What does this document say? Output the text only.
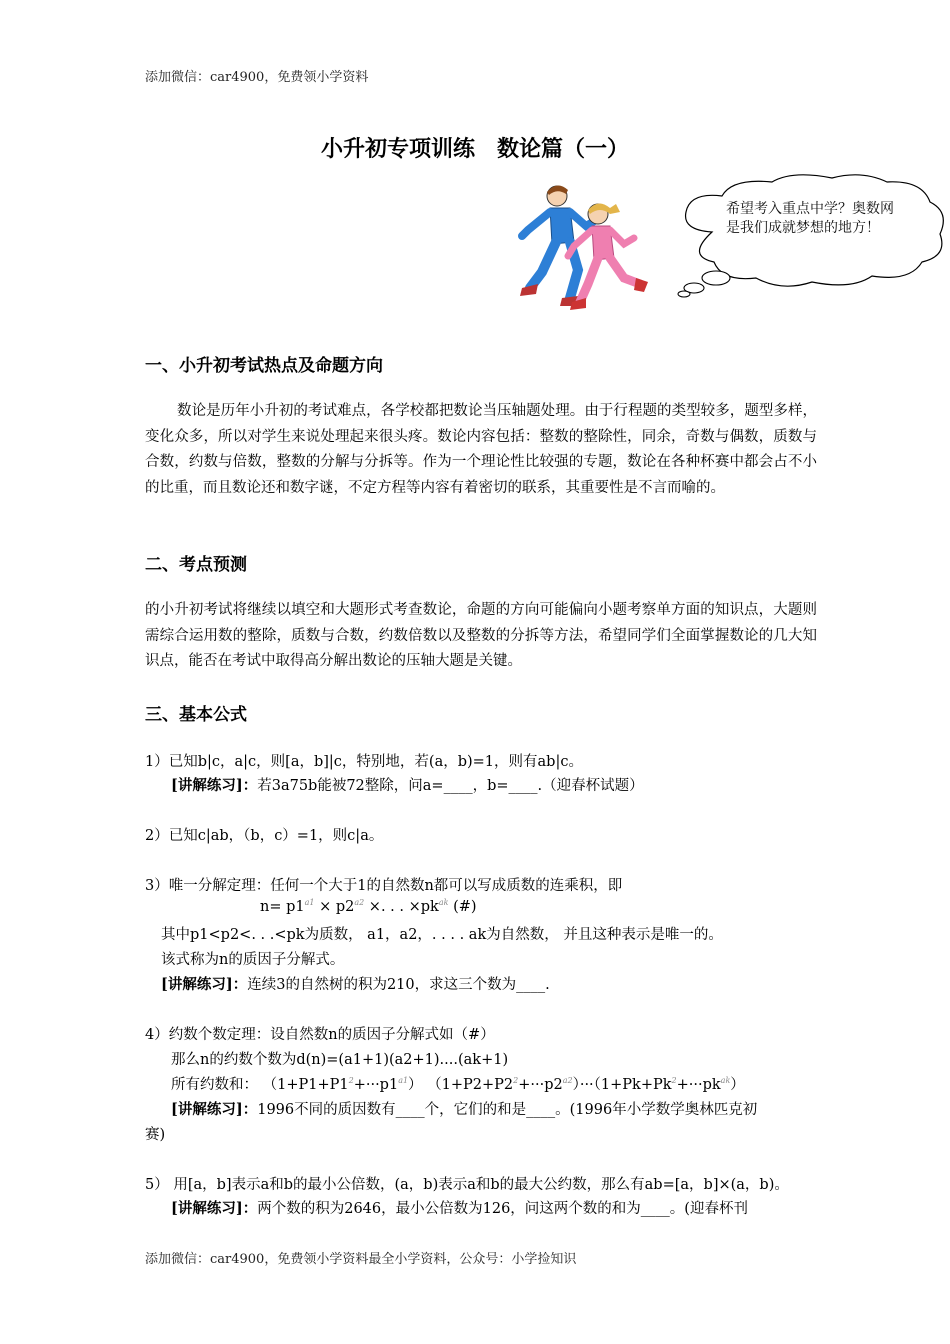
添加微信：car4900，免费领小学资料
小升初专项训练　数论篇（一）
希望考入重点中学？奥数网是我们成就梦想的地方！
一、小升初考试热点及命题方向
数论是历年小升初的考试难点，各学校都把数论当压轴题处理。由于行程题的类型较多，题型多样，变化众多，所以对学生来说处理起来很头疼。数论内容包括：整数的整除性，同余，奇数与偶数，质数与合数，约数与倍数，整数的分解与分拆等。作为一个理论性比较强的专题，数论在各种杯赛中都会占不小的比重，而且数论还和数字谜，不定方程等内容有着密切的联系，其重要性是不言而喻的。
二、考点预测
的小升初考试将继续以填空和大题形式考查数论，命题的方向可能偏向小题考察单方面的知识点，大题则需综合运用数的整除，质数与合数，约数倍数以及整数的分拆等方法，希望同学们全面掌握数论的几大知识点，能否在考试中取得高分解出数论的压轴大题是关键。
三、基本公式
1）已知b|c，a|c，则[a，b]|c，特别地，若(a，b)=1，则有ab|c。
[讲解练习]：若3a75b能被72整除，问a=____，b=____.（迎春杯试题）
2）已知c|ab，（b，c）=1，则c|a。
3）唯一分解定理：任何一个大于1的自然数n都可以写成质数的连乘积，即
$n= p1^{a1} \times p2^{a2}$ ×. . . $\times pk^{ak}$ (#)
其中p1<p2<. . .<pk为质数， a1，a2，. . . . ak为自然数， 并且这种表示是唯一的。
该式称为n的质因子分解式。
[讲解练习]：连续3的自然树的积为210，求这三个数为____.
4）约数个数定理：设自然数n的质因子分解式如（#）
那么n的约数个数为d(n)=(a1+1)(a2+1)....(ak+1)
所有约数和： $(1+P1+P1^2+\cdot\cdot\cdot p1^{a1})$ $(1+P2+P2^2+\cdot\cdot\cdot p2^{a2})\cdot\cdot\cdot(1+Pk+Pk^2+\cdot\cdot\cdot pk^{ak})$
[讲解练习]：1996不同的质因数有____个，它们的和是____。(1996年小学数学奥林匹克初
赛)
5） 用[a，b]表示a和b的最小公倍数，(a，b)表示a和b的最大公约数，那么有ab=[a，b]×(a，b)。
[讲解练习]：两个数的积为2646，最小公倍数为126，问这两个数的和为____。(迎春杯刊
添加微信：car4900，免费领小学资料最全小学资料，公众号：小学捡知识
